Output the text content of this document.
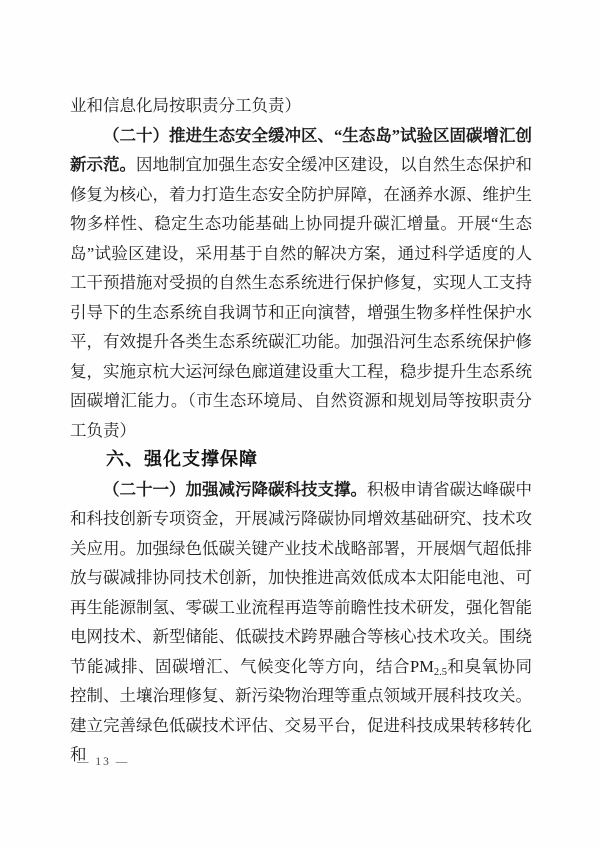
业和信息化局按职责分工负责）

（二十）推进生态安全缓冲区、“生态岛”试验区固碳增汇创新示范。因地制宜加强生态安全缓冲区建设，以自然生态保护和修复为核心，着力打造生态安全防护屏障，在涵养水源、维护生物多样性、稳定生态功能基础上协同提升碳汇增量。开展“生态岛”试验区建设，采用基于自然的解决方案，通过科学适度的人工干预措施对受损的自然生态系统进行保护修复，实现人工支持引导下的生态系统自我调节和正向演替，增强生物多样性保护水平，有效提升各类生态系统碳汇功能。加强沿河生态系统保护修复，实施京杭大运河绿色廊道建设重大工程，稳步提升生态系统固碳增汇能力。（市生态环境局、自然资源和规划局等按职责分工负责）

六、强化支撑保障

（二十一）加强减污降碳科技支撑。积极申请省碳达峰碳中和科技创新专项资金，开展减污降碳协同增效基础研究、技术攻关应用。加强绿色低碳关键产业技术战略部署，开展烟气超低排放与碳减排协同技术创新，加快推进高效低成本太阳能电池、可再生能源制氢、零碳工业流程再造等前瞻性技术研发，强化智能电网技术、新型储能、低碳技术跨界融合等核心技术攻关。围绕节能减排、固碳增汇、气候变化等方向，结合$PM_{2.5}$和臭氧协同控制、土壤治理修复、新污染物治理等重点领域开展科技攻关。建立完善绿色低碳技术评估、交易平台，促进科技成果转移转化和

— 13 —
